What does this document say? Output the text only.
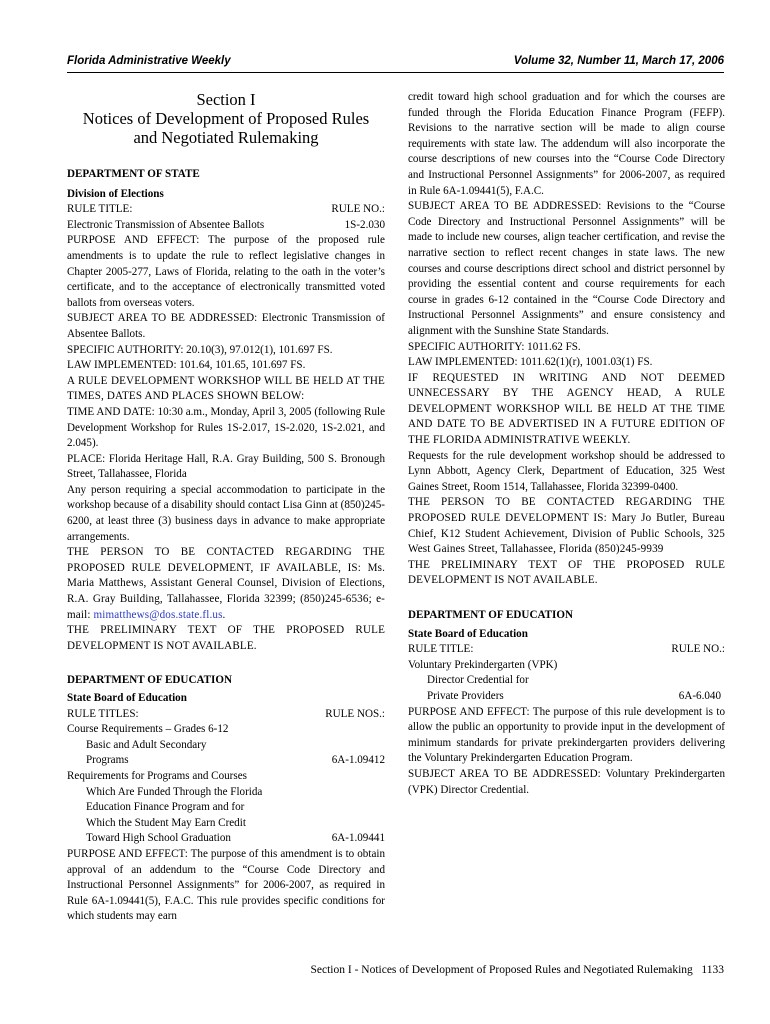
Florida Administrative Weekly	Volume 32, Number 11, March 17, 2006
Section I
Notices of Development of Proposed Rules
and Negotiated Rulemaking

DEPARTMENT OF STATE

Division of Elections

RULE TITLE:	RULE NO.:
Electronic Transmission of Absentee Ballots	1S-2.030

PURPOSE AND EFFECT: The purpose of the proposed rule amendments is to update the rule to reflect legislative changes in Chapter 2005-277, Laws of Florida, relating to the oath in the voter’s certificate, and to the acceptance of electronically transmitted voted ballots from overseas voters.

SUBJECT AREA TO BE ADDRESSED: Electronic Transmission of Absentee Ballots.

SPECIFIC AUTHORITY: 20.10(3), 97.012(1), 101.697 FS.

LAW IMPLEMENTED: 101.64, 101.65, 101.697 FS.

A RULE DEVELOPMENT WORKSHOP WILL BE HELD AT THE TIMES, DATES AND PLACES SHOWN BELOW:

TIME AND DATE: 10:30 a.m., Monday, April 3, 2005 (following Rule Development Workshop for Rules 1S-2.017, 1S-2.020, 1S-2.021, and 2.045).

PLACE: Florida Heritage Hall, R.A. Gray Building, 500 S. Bronough Street, Tallahassee, Florida

Any person requiring a special accommodation to participate in the workshop because of a disability should contact Lisa Ginn at (850)245-6200, at least three (3) business days in advance to make appropriate arrangements.

THE PERSON TO BE CONTACTED REGARDING THE PROPOSED RULE DEVELOPMENT, IF AVAILABLE, IS: Ms. Maria Matthews, Assistant General Counsel, Division of Elections, R.A. Gray Building, Tallahassee, Florida 32399; (850)245-6536; e-mail: mimatthews@dos.state.fl.us.

THE PRELIMINARY TEXT OF THE PROPOSED RULE DEVELOPMENT IS NOT AVAILABLE.

DEPARTMENT OF EDUCATION

State Board of Education

RULE TITLES:	RULE NOS.:

Course Requirements – Grades 6-12

Basic and Adult Secondary

Programs	6A-1.09412

Requirements for Programs and Courses

Which Are Funded Through the Florida

Education Finance Program and for

Which the Student May Earn Credit

Toward High School Graduation	6A-1.09441

PURPOSE AND EFFECT: The purpose of this amendment is to obtain approval of an addendum to the “Course Code Directory and Instructional Personnel Assignments” for 2006-2007, as required in Rule 6A-1.09441(5), F.A.C. This rule provides specific conditions for which students may earn

credit toward high school graduation and for which the courses are funded through the Florida Education Finance Program (FEFP). Revisions to the narrative section will be made to align course requirements with state law. The addendum will also incorporate the course descriptions of new courses into the “Course Code Directory and Instructional Personnel Assignments” for 2006-2007, as required in Rule 6A-1.09441(5), F.A.C.

SUBJECT AREA TO BE ADDRESSED: Revisions to the “Course Code Directory and Instructional Personnel Assignments” will be made to include new courses, align teacher certification, and revise the narrative section to reflect recent changes in state laws. The new courses and course descriptions direct school and district personnel by providing the essential content and course requirements for each course in grades 6-12 contained in the “Course Code Directory and Instructional Personnel Assignments” and ensure consistency and alignment with the Sunshine State Standards.

SPECIFIC AUTHORITY: 1011.62 FS.

LAW IMPLEMENTED: 1011.62(1)(r), 1001.03(1) FS.

IF REQUESTED IN WRITING AND NOT DEEMED UNNECESSARY BY THE AGENCY HEAD, A RULE DEVELOPMENT WORKSHOP WILL BE HELD AT THE TIME AND DATE TO BE ADVERTISED IN A FUTURE EDITION OF THE FLORIDA ADMINISTRATIVE WEEKLY.

Requests for the rule development workshop should be addressed to Lynn Abbott, Agency Clerk, Department of Education, 325 West Gaines Street, Room 1514, Tallahassee, Florida 32399-0400.

THE PERSON TO BE CONTACTED REGARDING THE PROPOSED RULE DEVELOPMENT IS: Mary Jo Butler, Bureau Chief, K12 Student Achievement, Division of Public Schools, 325 West Gaines Street, Tallahassee, Florida (850)245-9939

THE PRELIMINARY TEXT OF THE PROPOSED RULE DEVELOPMENT IS NOT AVAILABLE.

DEPARTMENT OF EDUCATION

State Board of Education

RULE TITLE:	RULE NO.:

Voluntary Prekindergarten (VPK)

Director Credential for

Private Providers	6A-6.040

PURPOSE AND EFFECT: The purpose of this rule development is to allow the public an opportunity to provide input in the development of minimum standards for private prekindergarten providers delivering the Voluntary Prekindergarten Education Program.

SUBJECT AREA TO BE ADDRESSED: Voluntary Prekindergarten (VPK) Director Credential.

Section I - Notices of Development of Proposed Rules and Negotiated Rulemaking 1133
